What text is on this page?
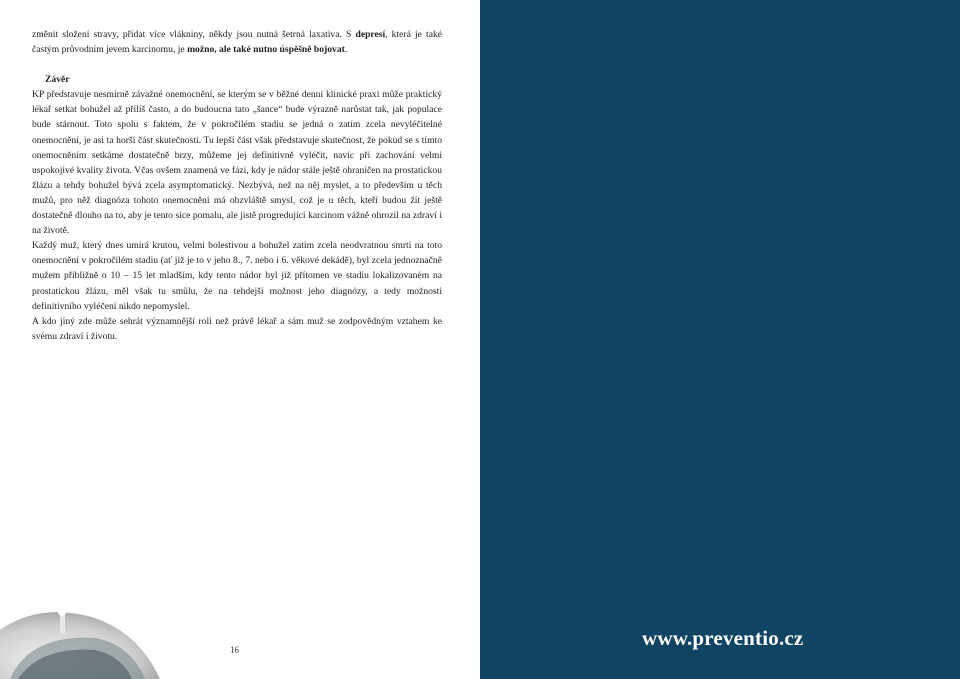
změnit složení stravy, přidat více vlákniny, někdy jsou nutná šetrná laxativa. S depresí, která je také častým průvodním jevem karcinomu, je možno, ale také nutno úspěšně bojovat.

Závěr

KP představuje nesmírně závažné onemocnění, se kterým se v běžné denní klinické praxi může praktický lékař setkat bohužel až příliš často, a do budoucna tato „šance“ bude výrazně narůstat tak, jak populace bude stárnout. Toto spolu s faktem, že v pokročilém stadiu se jedná o zatím zcela nevyléčitelné onemocnění, je asi ta horší část skutečnosti. Tu lepší část však představuje skutečnost, že pokud se s tímto onemocněním setkáme dostatečně brzy, můžeme jej definitivně vyléčit, navíc při zachování velmi uspokojivé kvality života. Včas ovšem znamená ve fázi, kdy je nádor stále ještě ohraničen na prostatickou žlázu a tehdy bohužel bývá zcela asymptomatický. Nezbývá, než na něj myslet, a to především u těch mužů, pro něž diagnóza tohoto onemocnění má obzvláště smysl, což je u těch, kteří budou žít ještě dostatečně dlouho na to, aby je tento sice pomalu, ale jistě progredující karcinom vážně ohrozil na zdraví i na životě.

Každý muž, který dnes umírá krutou, velmi bolestivou a bohužel zatím zcela neodvratnou smrtí na toto onemocnění v pokročilém stadiu (ať již je to v jeho 8., 7. nebo i 6. věkové dekádě), byl zcela jednoznačně mužem přibližně o 10 – 15 let mladším, kdy tento nádor byl již přítomen ve stadiu lokalizovaném na prostatickou žlázu, měl však tu smůlu, že na tehdejší možnost jeho diagnózy, a tedy možnosti definitivního vyléčení nikdo nepomyslel.

A kdo jiný zde může sehrát významnější roli než právě lékař a sám muž se zodpovědným vztahem ke svému zdraví i životu.

16	www.preventio.cz
